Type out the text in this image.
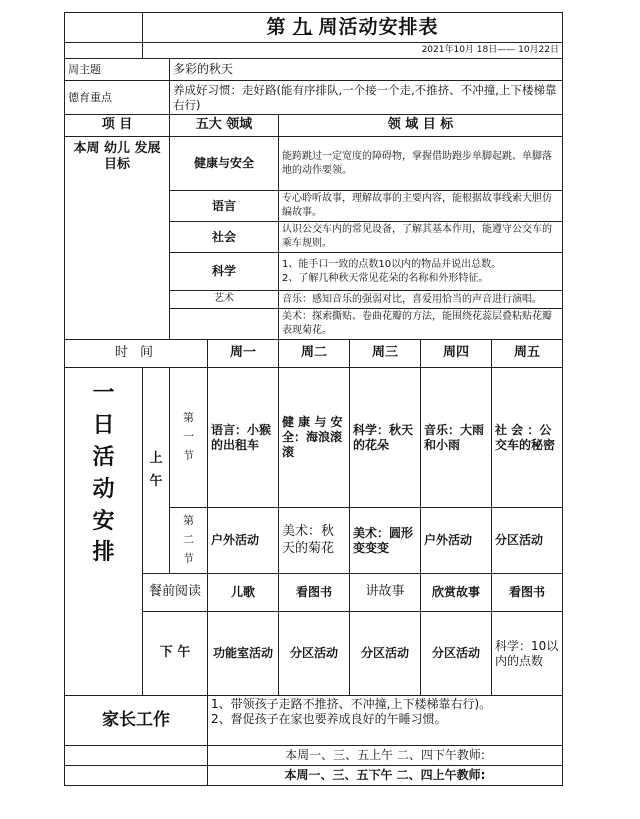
	第 九 周活动安排表						
	2021年10月 18日—— 10月22日						
周主题		多彩的秋天					
德育重点		养成好习惯：走好路(能有序排队,一个接一个走,不推挤、不冲撞,上下楼梯靠右行)					
项 目		五大 领域		领 域 目 标			
本周 幼儿 发展 目标		健康与安全		能跨跳过一定宽度的障碍物，掌握借助跑步单脚起跳、单脚落地的动作要领。			
		语言		专心聆听故事，理解故事的主要内容，能根据故事线索大胆仿编故事。			
		社会		认识公交车内的常见设备，了解其基本作用，能遵守公交车的乘车规则。			
		科学		1、能手口一致的点数10以内的物品并说出总数。
2、了解几种秋天常见花朵的名称和外形特征。			
		艺术		音乐：感知音乐的强弱对比，喜爱用恰当的声音进行演唱。			
				美术：探索撕贴、卷曲花瓣的方法，能围绕花蕊层叠粘贴花瓣表现菊花。			
时 间			周一	周二	周三	周四	周五
一日活动安排	上午	第一节	语言：小猴的出租车	健 康 与 安全：海浪滚滚	科学：秋天的花朵	音乐：大雨和小雨	社 会 ：公交车的秘密
		第二节	户外活动	美术：秋天的菊花	美术：圆形变变变	户外活动	分区活动
	餐前阅读		儿歌	看图书	讲故事	欣赏故事	看图书
	下 午		功能室活动	分区活动	分区活动	分区活动	科学：10以内的点数
家长工作			1、带领孩子走路不推挤、不冲撞,上下楼梯靠右行)。
2、督促孩子在家也要养成良好的午睡习惯。				
			本周一、三、五上午 二、四下午教师:				
			本周一、三、五下午 二、四上午教师:				
